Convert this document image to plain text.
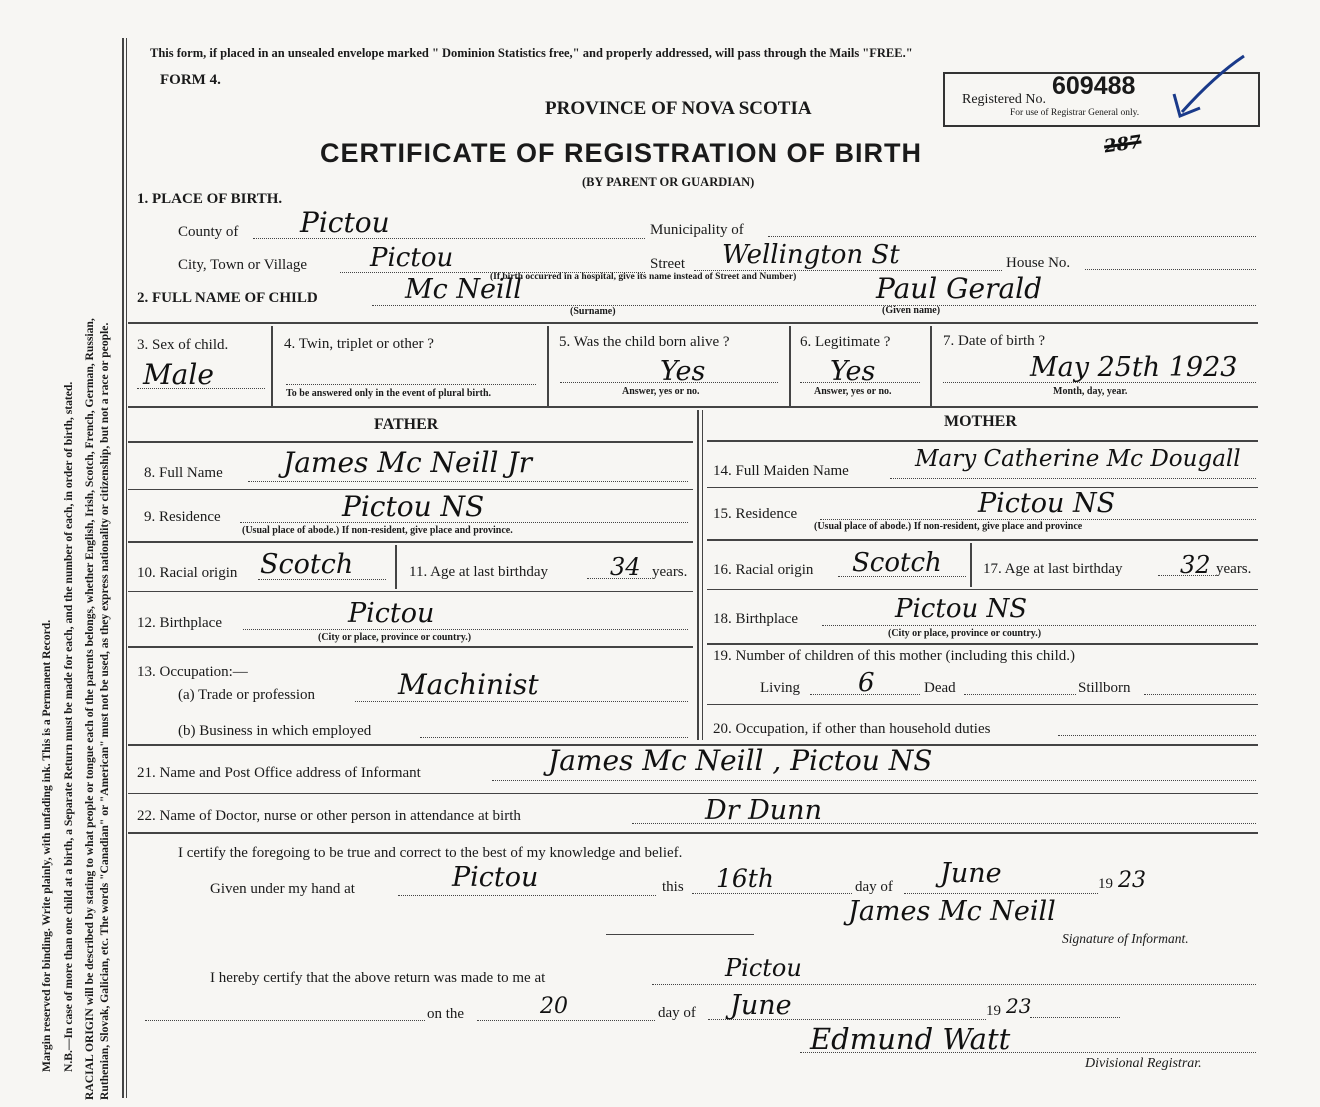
Margin reserved for binding. Write plainly, with unfading ink. This is a Permanent Record. N.B.—In case of more than one child at a birth, a Separate Return must be made for each, and the number of each, in order of birth, stated. RACIAL ORIGIN will be described by stating to what people or tongue each of the parents belongs, whether English, Irish, Scotch, French, German, Russian, Ruthenian, Slovak, Galician, etc. The words "Canadian" or "American" must not be used, as they express nationality or citizenship, but not a race or people.
This form, if placed in an unsealed envelope marked " Dominion Statistics free," and properly addressed, will pass through the Mails "FREE."
FORM 4.
PROVINCE OF NOVA SCOTIA
CERTIFICATE OF REGISTRATION OF BIRTH
(BY PARENT OR GUARDIAN)
287
Registered No. 609488
For use of Registrar General only.
1. PLACE OF BIRTH.
County of Pictou	Municipality of
City, Town or Village Pictou	Street Wellington St	House No.
(If birth occurred in a hospital, give its name instead of Street and Number)
2. FULL NAME OF CHILD	Mc Neill
(Surname)
Paul Gerald
(Given name)
3. Sex of child.
Male
4. Twin, triplet or other ?
To be answered only in the event of plural birth.
5. Was the child born alive ?
Yes
Answer, yes or no.
6. Legitimate ?
Yes
Answer, yes or no.
7. Date of birth ?
May 25th 1923
Month, day, year.
FATHER	MOTHER
8. Full Name James Mc Neill Jr
9. Residence	Pictou NS
(Usual place of abode.) If non-resident, give place and province.
10. Racial origin Scotch	11. Age at last birthday	34 years.
12. Birthplace	Pictou
(City or place, province or country.)
13. Occupation:—
(a) Trade or profession	Machinist
(b) Business in which employed
14. Full Maiden Name	Mary Catherine Mc Dougall
15. Residence	Pictou NS
(Usual place of abode.) If non-resident, give place and province
16. Racial origin Scotch	17. Age at last birthday 32 years.
18. Birthplace	Pictou NS
(City or place, province or country.)
19. Number of children of this mother (including this child.)
Living 6	Dead	Stillborn
20. Occupation, if other than household duties
21. Name and Post Office address of Informant	James Mc Neill , Pictou NS
22. Name of Doctor, nurse or other person in attendance at birth	Dr Dunn
I certify the foregoing to be true and correct to the best of my knowledge and belief.
Given under my hand at	Pictou	this 16th	day of June	19 23
James Mc Neill
Signature of Informant.
I hereby certify that the above return was made to me at	Pictou
on the	20	day of June	19 23
Edmund Watt
Divisional Registrar.
